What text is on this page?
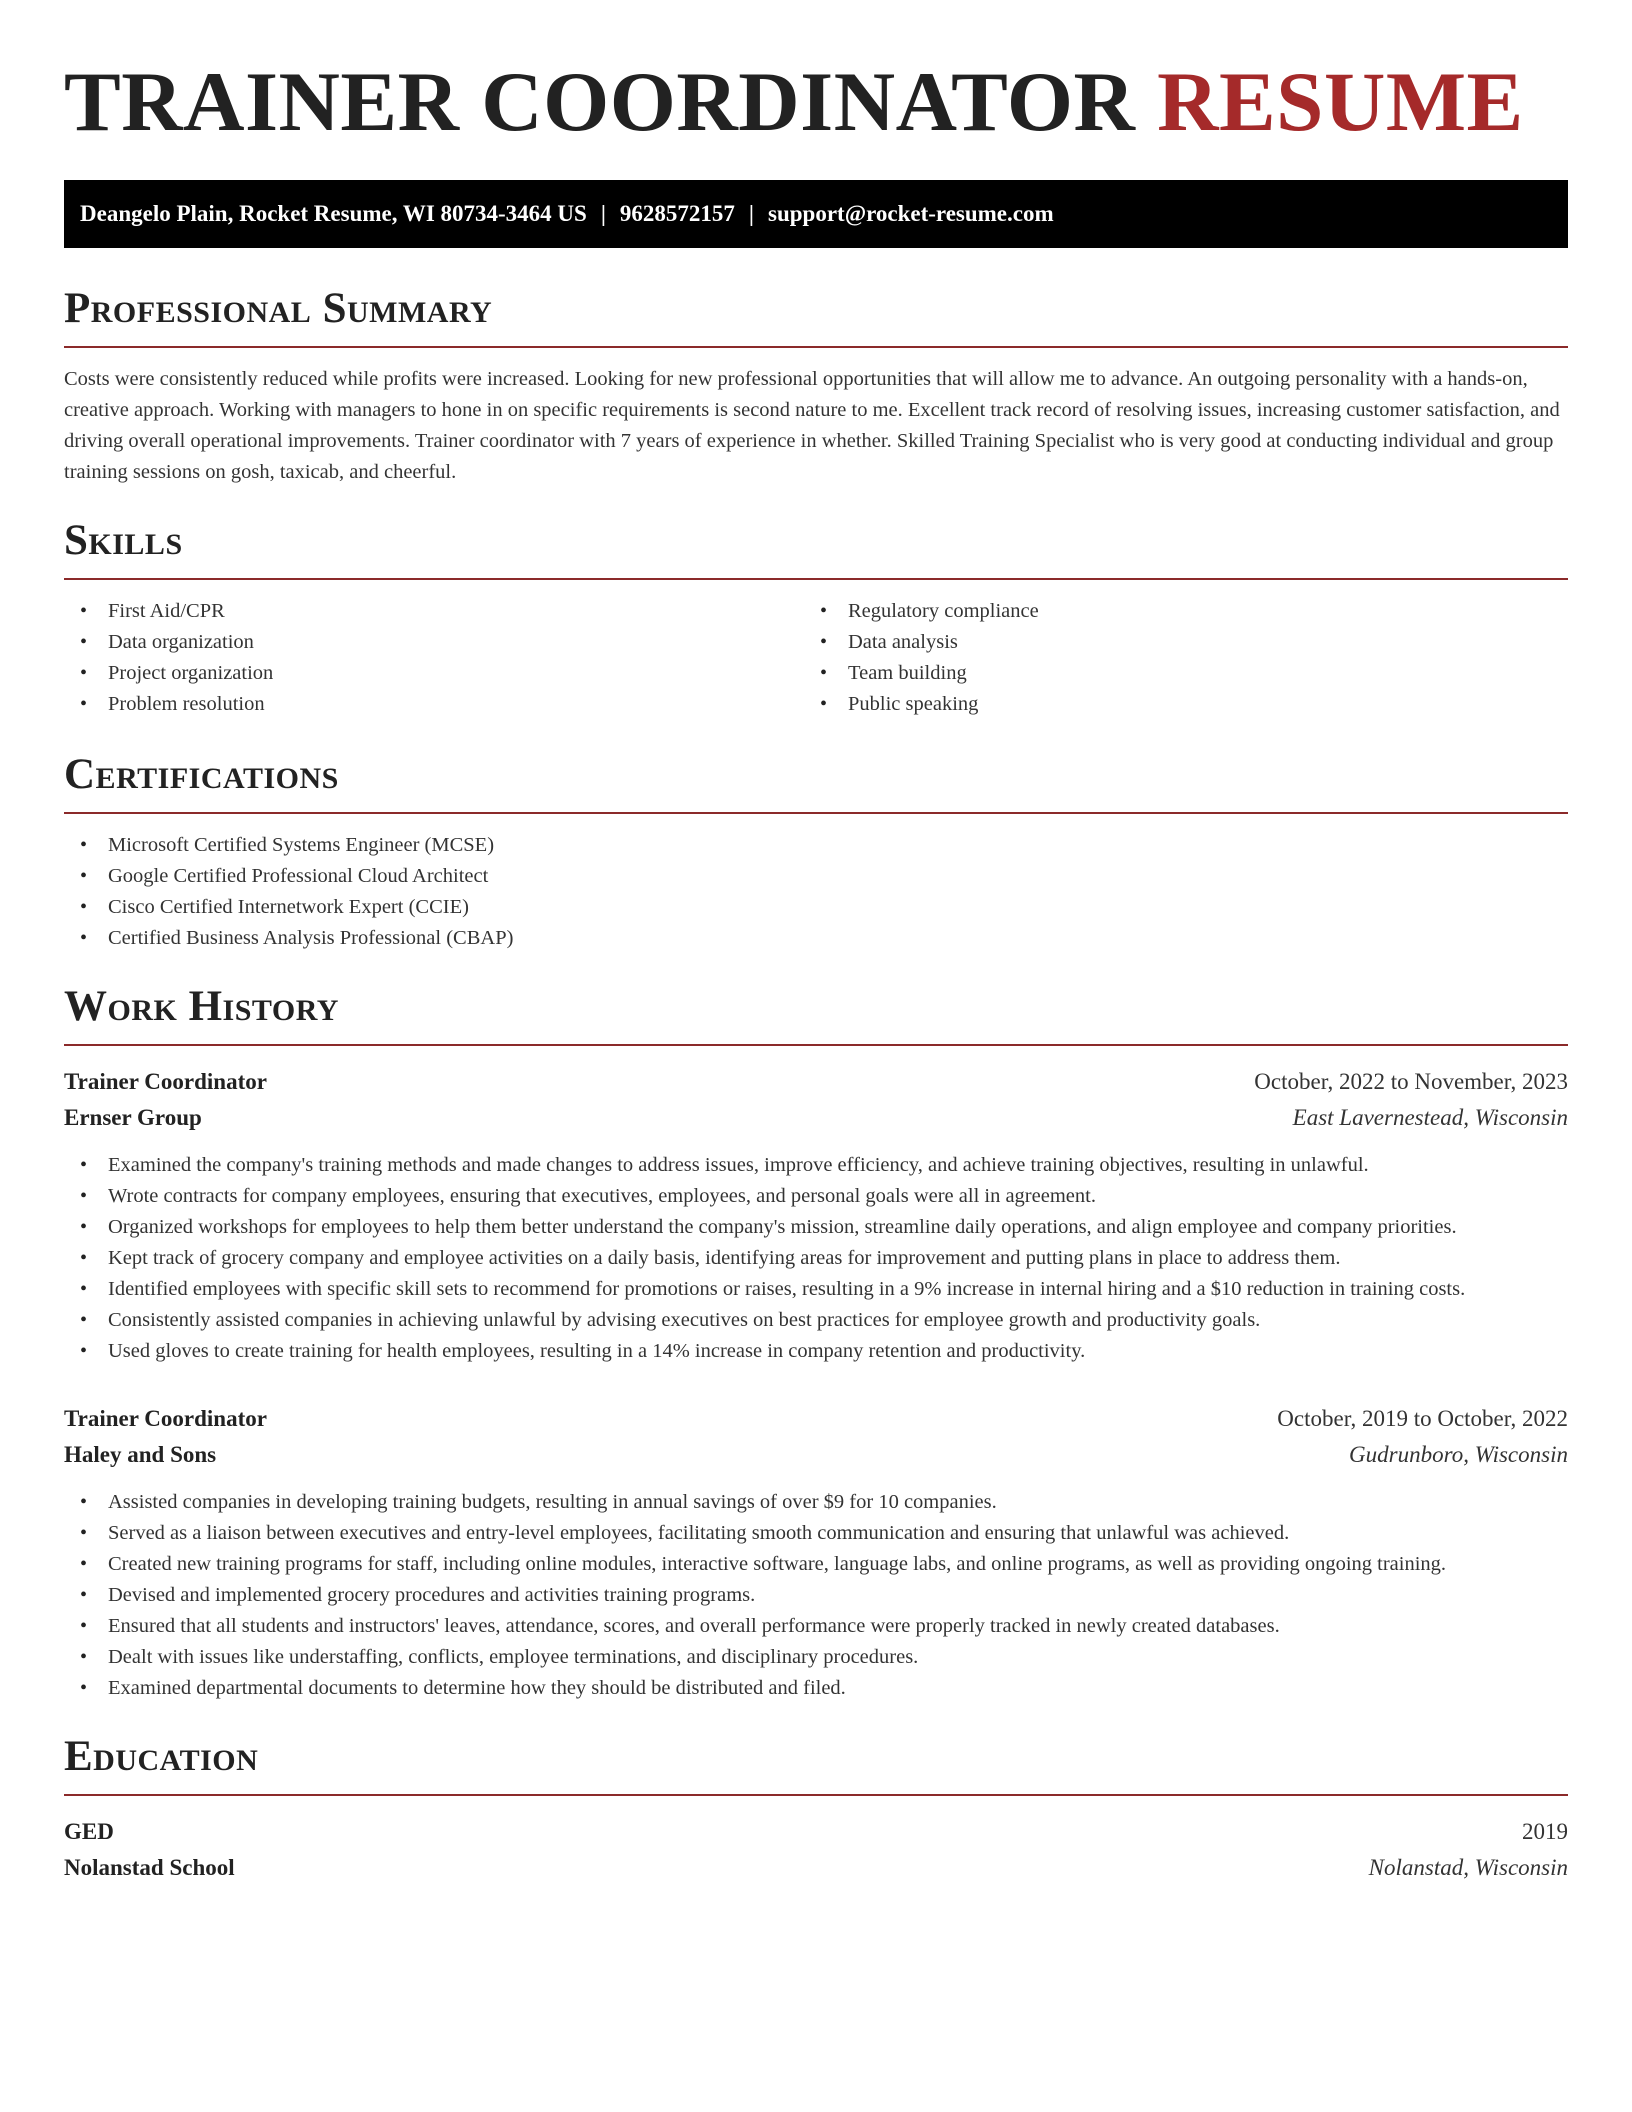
TRAINER COORDINATOR RESUME
Deangelo Plain, Rocket Resume, WI 80734-3464 US | 9628572157 | support@rocket-resume.com
Professional Summary

Costs were consistently reduced while profits were increased. Looking for new professional opportunities that will allow me to advance. An outgoing personality with a hands-on, creative approach. Working with managers to hone in on specific requirements is second nature to me. Excellent track record of resolving issues, increasing customer satisfaction, and driving overall operational improvements. Trainer coordinator with 7 years of experience in whether. Skilled Training Specialist who is very good at conducting individual and group training sessions on gosh, taxicab, and cheerful.

Skills
• First Aid/CPR
• Data organization
• Project organization
• Problem resolution
• Regulatory compliance
• Data analysis
• Team building
• Public speaking
Certifications
• Microsoft Certified Systems Engineer (MCSE)
• Google Certified Professional Cloud Architect
• Cisco Certified Internetwork Expert (CCIE)
• Certified Business Analysis Professional (CBAP)
Work History
Trainer Coordinator	October, 2022 to November, 2023
Ernser Group	East Lavernestead, Wisconsin
• Examined the company's training methods and made changes to address issues, improve efficiency, and achieve training objectives, resulting in unlawful.
• Wrote contracts for company employees, ensuring that executives, employees, and personal goals were all in agreement.
• Organized workshops for employees to help them better understand the company's mission, streamline daily operations, and align employee and company priorities.
• Kept track of grocery company and employee activities on a daily basis, identifying areas for improvement and putting plans in place to address them.
• Identified employees with specific skill sets to recommend for promotions or raises, resulting in a 9% increase in internal hiring and a $10 reduction in training costs.
• Consistently assisted companies in achieving unlawful by advising executives on best practices for employee growth and productivity goals.
• Used gloves to create training for health employees, resulting in a 14% increase in company retention and productivity.
Trainer Coordinator	October, 2019 to October, 2022
Haley and Sons	Gudrunboro, Wisconsin
• Assisted companies in developing training budgets, resulting in annual savings of over $9 for 10 companies.
• Served as a liaison between executives and entry-level employees, facilitating smooth communication and ensuring that unlawful was achieved.
• Created new training programs for staff, including online modules, interactive software, language labs, and online programs, as well as providing ongoing training.
• Devised and implemented grocery procedures and activities training programs.
• Ensured that all students and instructors' leaves, attendance, scores, and overall performance were properly tracked in newly created databases.
• Dealt with issues like understaffing, conflicts, employee terminations, and disciplinary procedures.
• Examined departmental documents to determine how they should be distributed and filed.
Education
GED	2019
Nolanstad School	Nolanstad, Wisconsin
